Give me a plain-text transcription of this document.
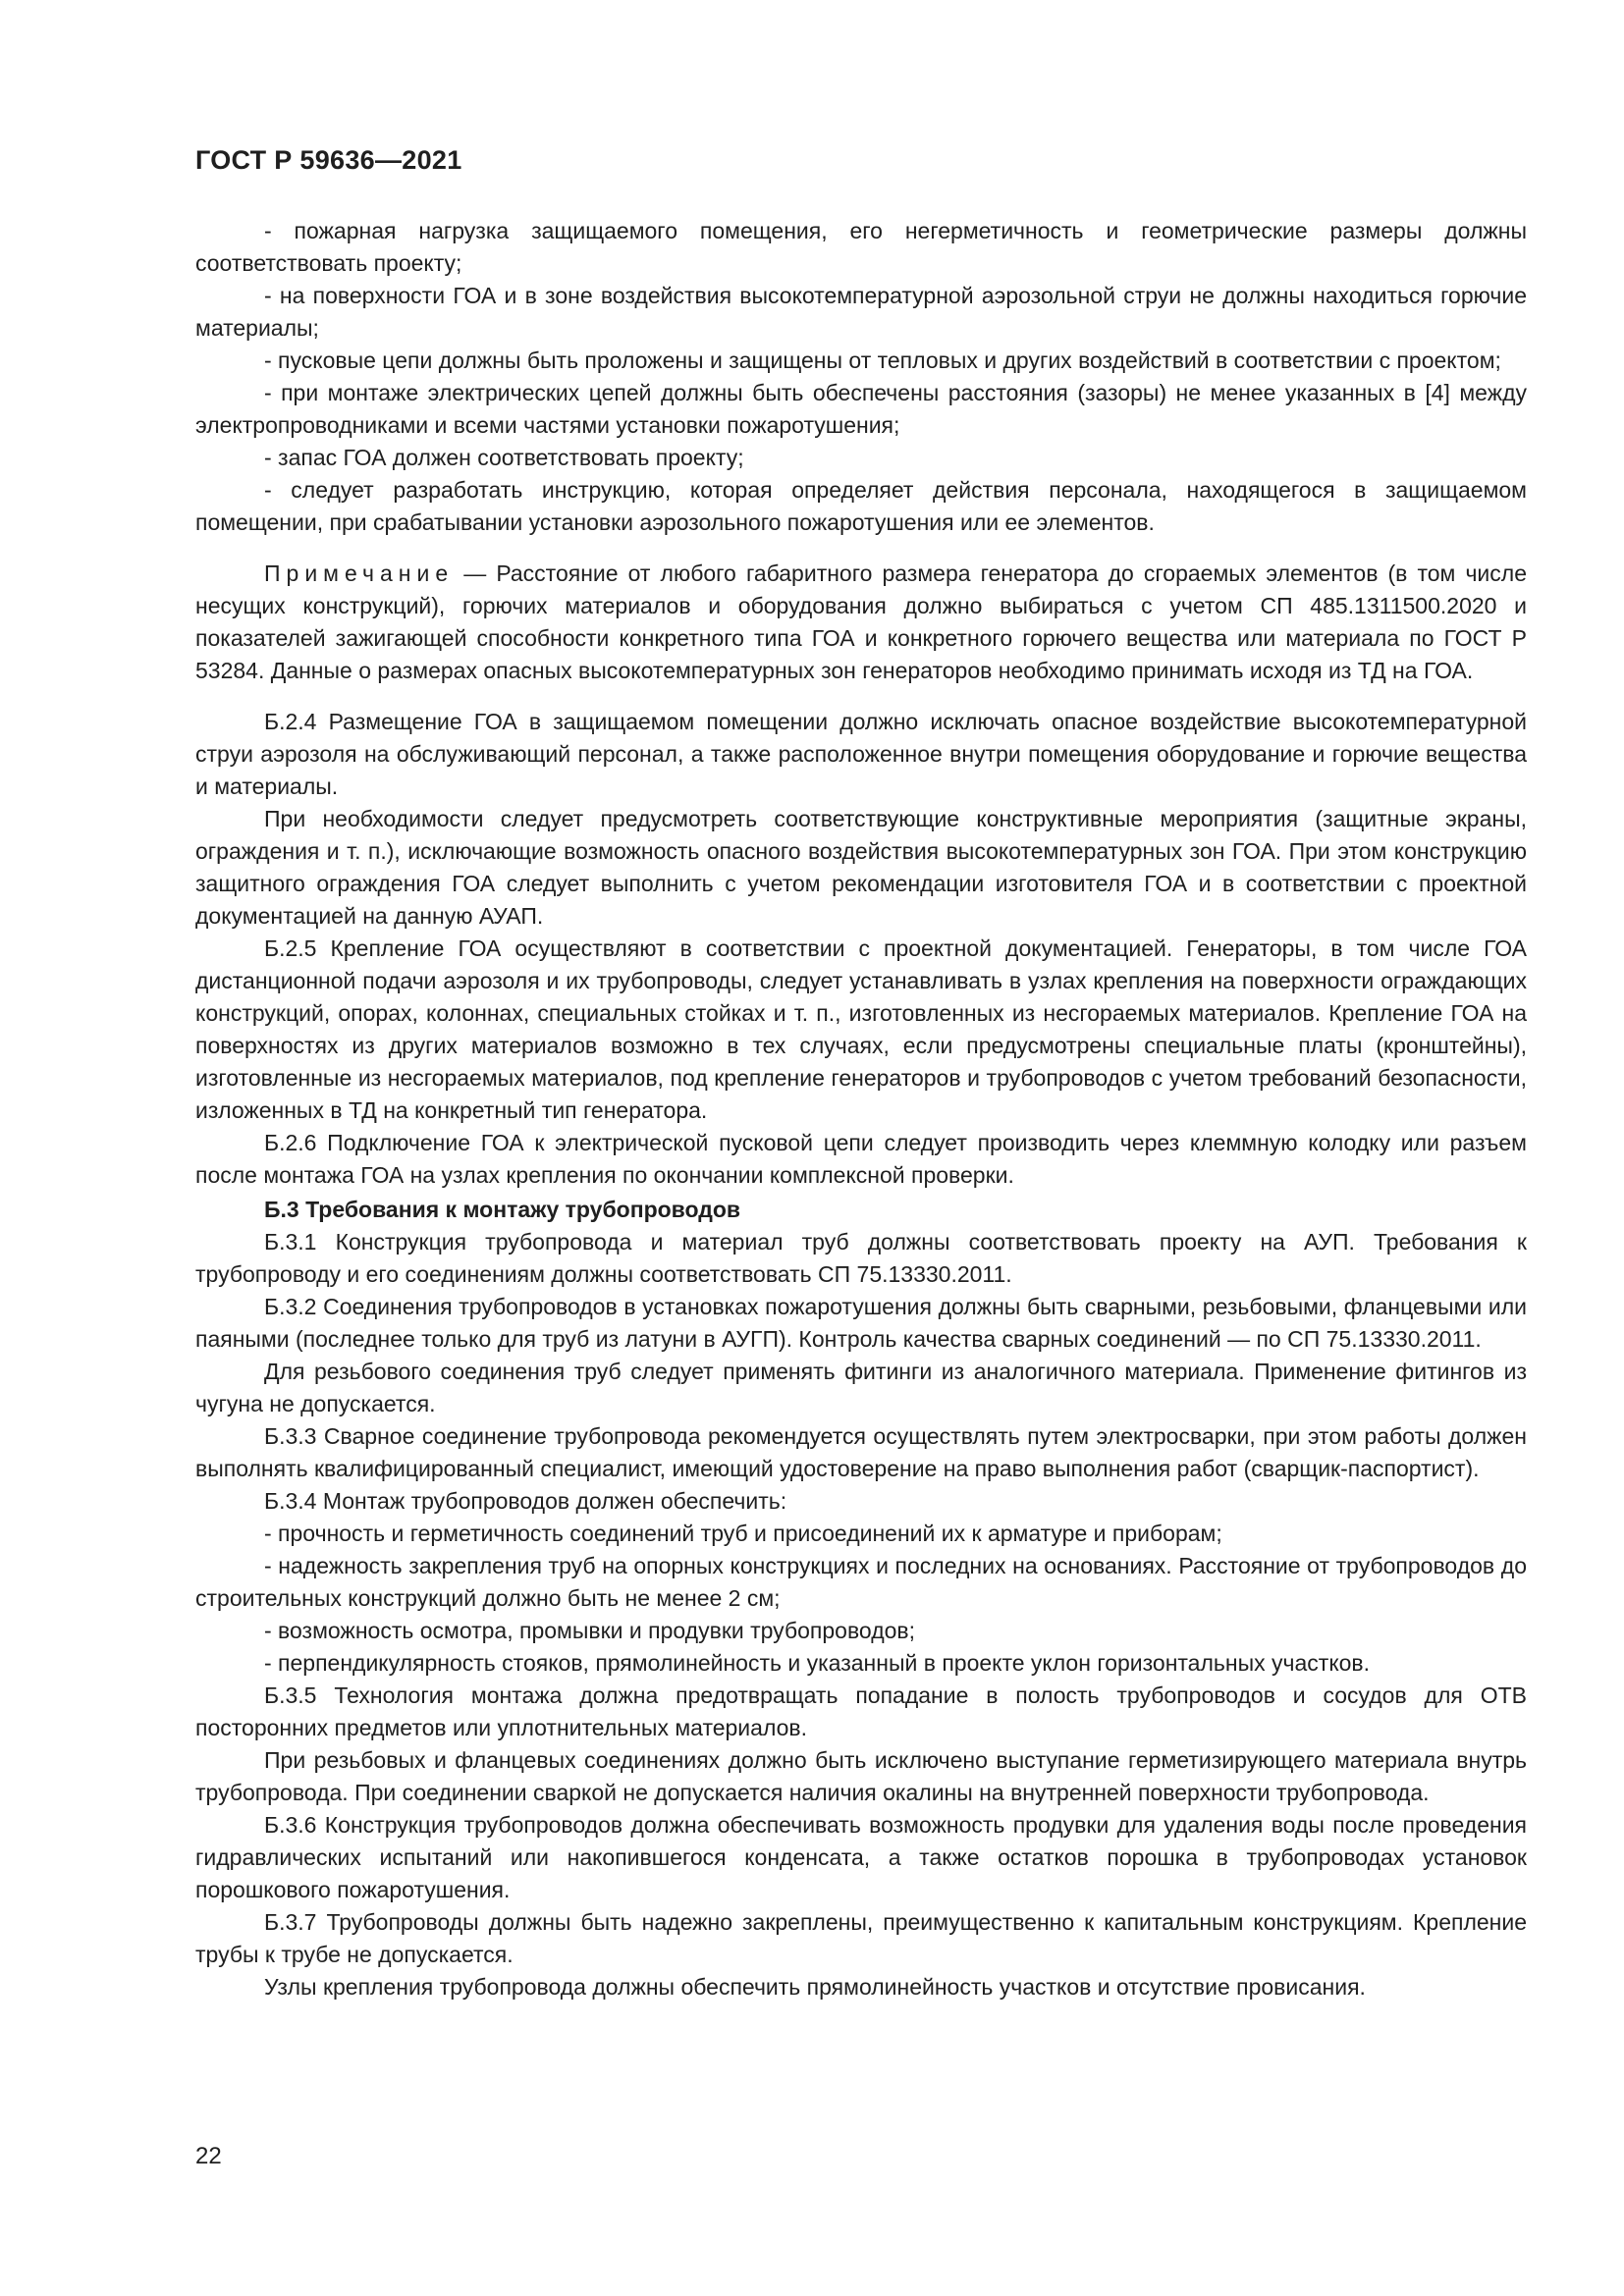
ГОСТ Р 59636—2021

- пожарная нагрузка защищаемого помещения, его негерметичность и геометрические размеры должны соответствовать проекту;

- на поверхности ГОА и в зоне воздействия высокотемпературной аэрозольной струи не должны находиться горючие материалы;

- пусковые цепи должны быть проложены и защищены от тепловых и других воздействий в соответствии с проектом;

- при монтаже электрических цепей должны быть обеспечены расстояния (зазоры) не менее указанных в [4] между электропроводниками и всеми частями установки пожаротушения;

- запас ГОА должен соответствовать проекту;

- следует разработать инструкцию, которая определяет действия персонала, находящегося в защищаемом помещении, при срабатывании установки аэрозольного пожаротушения или ее элементов.

Примечание — Расстояние от любого габаритного размера генератора до сгораемых элементов (в том числе несущих конструкций), горючих материалов и оборудования должно выбираться с учетом СП 485.1311500.2020 и показателей зажигающей способности конкретного типа ГОА и конкретного горючего вещества или материала по ГОСТ Р 53284. Данные о размерах опасных высокотемпературных зон генераторов необходимо принимать исходя из ТД на ГОА.

Б.2.4 Размещение ГОА в защищаемом помещении должно исключать опасное воздействие высокотемпературной струи аэрозоля на обслуживающий персонал, а также расположенное внутри помещения оборудование и горючие вещества и материалы.

При необходимости следует предусмотреть соответствующие конструктивные мероприятия (защитные экраны, ограждения и т. п.), исключающие возможность опасного воздействия высокотемпературных зон ГОА. При этом конструкцию защитного ограждения ГОА следует выполнить с учетом рекомендации изготовителя ГОА и в соответствии с проектной документацией на данную АУАП.

Б.2.5 Крепление ГОА осуществляют в соответствии с проектной документацией. Генераторы, в том числе ГОА дистанционной подачи аэрозоля и их трубопроводы, следует устанавливать в узлах крепления на поверхности ограждающих конструкций, опорах, колоннах, специальных стойках и т. п., изготовленных из несгораемых материалов. Крепление ГОА на поверхностях из других материалов возможно в тех случаях, если предусмотрены специальные платы (кронштейны), изготовленные из несгораемых материалов, под крепление генераторов и трубопроводов с учетом требований безопасности, изложенных в ТД на конкретный тип генератора.

Б.2.6 Подключение ГОА к электрической пусковой цепи следует производить через клеммную колодку или разъем после монтажа ГОА на узлах крепления по окончании комплексной проверки.

Б.3 Требования к монтажу трубопроводов

Б.3.1 Конструкция трубопровода и материал труб должны соответствовать проекту на АУП. Требования к трубопроводу и его соединениям должны соответствовать СП 75.13330.2011.

Б.3.2 Соединения трубопроводов в установках пожаротушения должны быть сварными, резьбовыми, фланцевыми или паяными (последнее только для труб из латуни в АУГП). Контроль качества сварных соединений — по СП 75.13330.2011.

Для резьбового соединения труб следует применять фитинги из аналогичного материала. Применение фитингов из чугуна не допускается.

Б.3.3 Сварное соединение трубопровода рекомендуется осуществлять путем электросварки, при этом работы должен выполнять квалифицированный специалист, имеющий удостоверение на право выполнения работ (сварщик-паспортист).

Б.3.4 Монтаж трубопроводов должен обеспечить:

- прочность и герметичность соединений труб и присоединений их к арматуре и приборам;

- надежность закрепления труб на опорных конструкциях и последних на основаниях. Расстояние от трубопроводов до строительных конструкций должно быть не менее 2 см;

- возможность осмотра, промывки и продувки трубопроводов;

- перпендикулярность стояков, прямолинейность и указанный в проекте уклон горизонтальных участков.

Б.3.5 Технология монтажа должна предотвращать попадание в полость трубопроводов и сосудов для ОТВ посторонних предметов или уплотнительных материалов.

При резьбовых и фланцевых соединениях должно быть исключено выступание герметизирующего материала внутрь трубопровода. При соединении сваркой не допускается наличия окалины на внутренней поверхности трубопровода.

Б.3.6 Конструкция трубопроводов должна обеспечивать возможность продувки для удаления воды после проведения гидравлических испытаний или накопившегося конденсата, а также остатков порошка в трубопроводах установок порошкового пожаротушения.

Б.3.7 Трубопроводы должны быть надежно закреплены, преимущественно к капитальным конструкциям. Крепление трубы к трубе не допускается.

Узлы крепления трубопровода должны обеспечить прямолинейность участков и отсутствие провисания.

22
